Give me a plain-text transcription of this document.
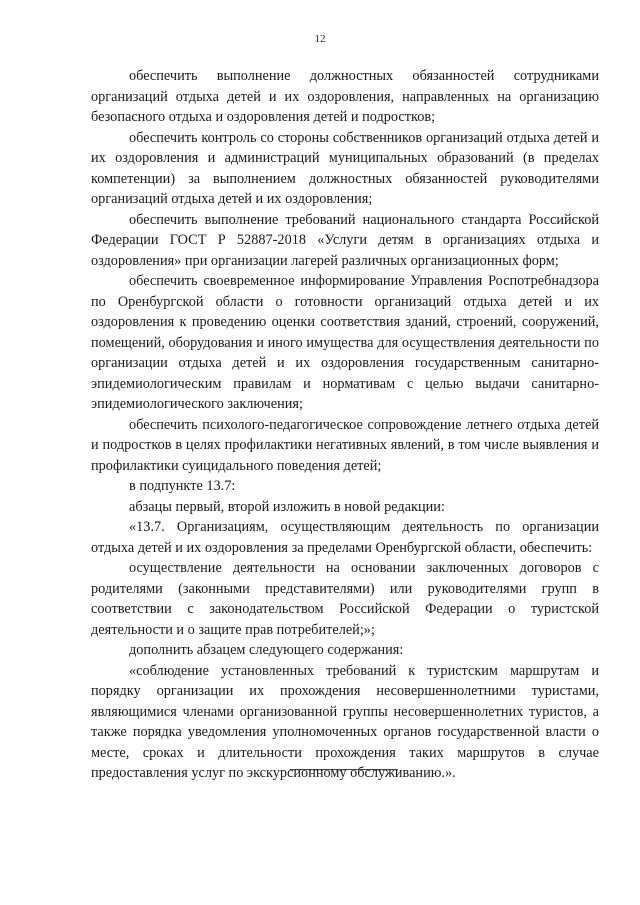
12

обеспечить выполнение должностных обязанностей сотрудниками организаций отдыха детей и их оздоровления, направленных на организацию безопасного отдыха и оздоровления детей и подростков;

обеспечить контроль со стороны собственников организаций отдыха детей и их оздоровления и администраций муниципальных образований (в пределах компетенции) за выполнением должностных обязанностей руководителями организаций отдыха детей и их оздоровления;

обеспечить выполнение требований национального стандарта Российской Федерации ГОСТ Р 52887-2018 «Услуги детям в организациях отдыха и оздоровления» при организации лагерей различных организационных форм;

обеспечить своевременное информирование Управления Роспотребнадзора по Оренбургской области о готовности организаций отдыха детей и их оздоровления к проведению оценки соответствия зданий, строений, сооружений, помещений, оборудования и иного имущества для осуществления деятельности по организации отдыха детей и их оздоровления государственным санитарно-эпидемиологическим правилам и нормативам с целью выдачи санитарно-эпидемиологического заключения;

обеспечить психолого-педагогическое сопровождение летнего отдыха детей и подростков в целях профилактики негативных явлений, в том числе выявления и профилактики суицидального поведения детей;

в подпункте 13.7:

абзацы первый, второй изложить в новой редакции:

«13.7. Организациям, осуществляющим деятельность по организации отдыха детей и их оздоровления за пределами Оренбургской области, обеспечить:

осуществление деятельности на основании заключенных договоров с родителями (законными представителями) или руководителями групп в соответствии с законодательством Российской Федерации о туристской деятельности и о защите прав потребителей;»;

дополнить абзацем следующего содержания:

«соблюдение установленных требований к туристским маршрутам и порядку организации их прохождения несовершеннолетними туристами, являющимися членами организованной группы несовершеннолетних туристов, а также порядка уведомления уполномоченных органов государственной власти о месте, сроках и длительности прохождения таких маршрутов в случае предоставления услуг по экскурсионному обслуживанию.».
